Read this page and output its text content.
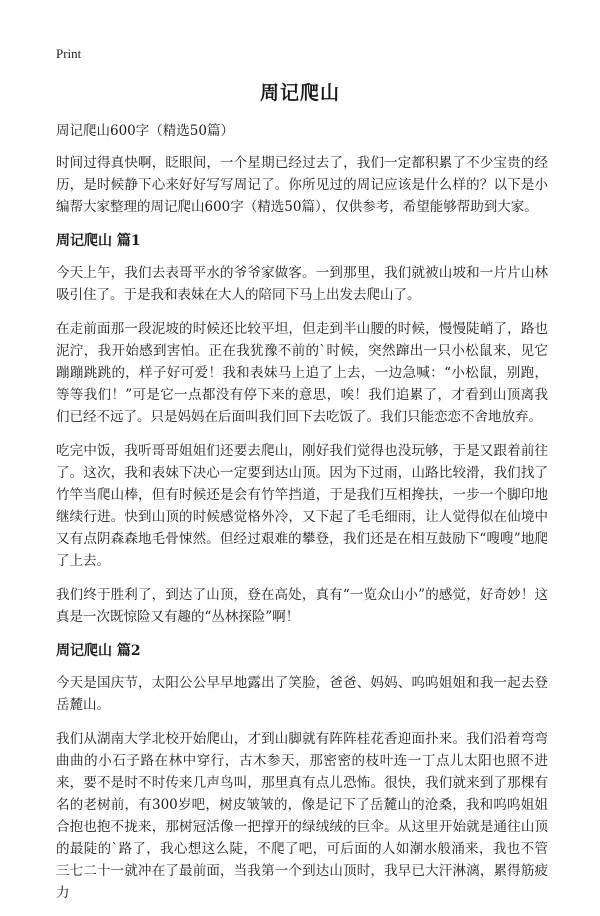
Print
周记爬山
周记爬山600字（精选50篇）

时间过得真快啊，眨眼间，一个星期已经过去了，我们一定都积累了不少宝贵的经历，是时候静下心来好好写写周记了。你所见过的周记应该是什么样的？以下是小编帮大家整理的周记爬山600字（精选50篇），仅供参考，希望能够帮助到大家。

周记爬山 篇1

今天上午，我们去表哥平水的爷爷家做客。一到那里，我们就被山坡和一片片山林吸引住了。于是我和表妹在大人的陪同下马上出发去爬山了。

在走前面那一段泥坡的时候还比较平坦，但走到半山腰的时候，慢慢陡峭了，路也泥泞，我开始感到害怕。正在我犹豫不前的`时候，突然蹿出一只小松鼠来，见它蹦蹦跳跳的，样子好可爱！我和表妹马上追了上去，一边急喊：“小松鼠，别跑，等等我们！”可是它一点都没有停下来的意思，唉！我们追累了，才看到山顶离我们已经不远了。只是妈妈在后面叫我们回下去吃饭了。我们只能恋恋不舍地放弃。

吃完中饭，我听哥哥姐姐们还要去爬山，刚好我们觉得也没玩够，于是又跟着前往了。这次，我和表妹下决心一定要到达山顶。因为下过雨，山路比较滑，我们找了竹竿当爬山棒，但有时候还是会有竹竿挡道，于是我们互相搀扶，一步一个脚印地继续行进。快到山顶的时候感觉格外冷，又下起了毛毛细雨，让人觉得似在仙境中又有点阴森森地毛骨悚然。但经过艰难的攀登，我们还是在相互鼓励下“嗖嗖”地爬了上去。

我们终于胜利了，到达了山顶，登在高处，真有“一览众山小”的感觉，好奇妙！这真是一次既惊险又有趣的“丛林探险”啊！

周记爬山 篇2

今天是国庆节，太阳公公早早地露出了笑脸，爸爸、妈妈、呜呜姐姐和我一起去登岳麓山。

我们从湖南大学北校开始爬山，才到山脚就有阵阵桂花香迎面扑来。我们沿着弯弯曲曲的小石子路在林中穿行，古木参天，那密密的枝叶连一丁点儿太阳也照不进来，要不是时不时传来几声鸟叫，那里真有点儿恐怖。很快，我们就来到了那棵有名的老树前，有300岁吧，树皮皱皱的，像是记下了岳麓山的沧桑，我和呜呜姐姐合抱也抱不拢来，那树冠活像一把撑开的绿绒绒的巨伞。从这里开始就是通往山顶的最陡的`路了，我心想这么陡，不爬了吧，可后面的人如潮水般涌来，我也不管三七二十一就冲在了最前面，当我第一个到达山顶时，我早已大汗淋漓，累得筋疲力
